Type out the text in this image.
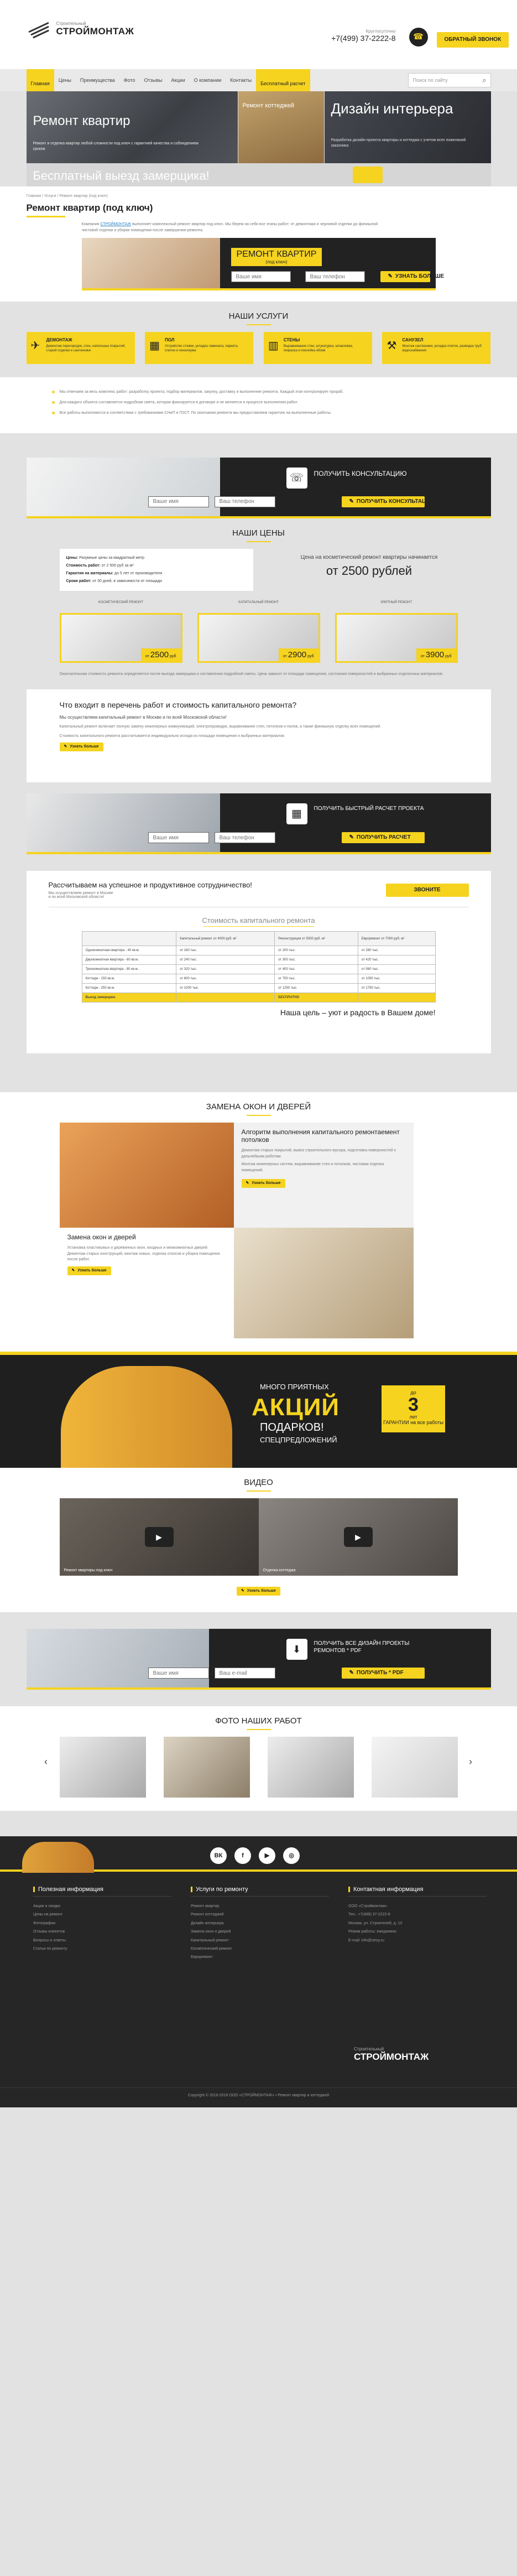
Строительный
СТРОЙМОНТАЖ	Круглосуточно
+7(499) 37-2222-8	☎	ОБРАТНЫЙ ЗВОНОК
Главная
Цены	Преимущества	Фото	Отзывы	Акции	О компании	Контакты
Бесплатный расчет
Поиск по сайту ⌕
Ремонт квартир

Ремонт и отделка квартир любой сложности под ключ с гарантией качества и соблюдением сроков

Ремонт коттеджей	Дизайн интерьера

Разработка дизайн-проекта квартиры и коттеджа с учетом всех пожеланий заказчика

Бесплатный выезд замерщика!
Главная / Услуги / Ремонт квартир (под ключ)
Ремонт квартир (под ключ)
Компания СТРОЙМОНТАЖ выполняет комплексный ремонт квартир под ключ. Мы берем на себя все этапы работ: от демонтажа и черновой отделки до финишной чистовой отделки и уборки помещения после завершения ремонта.
РЕМОНТ КВАРТИР
(под ключ)
Ваше имя
Ваш телефон
✎ УЗНАТЬ БОЛЬШЕ
НАШИ УСЛУГИ
✈ ДЕМОНТАЖ

Демонтаж перегородок, стен, напольных покрытий, старой отделки и сантехники	▦ ПОЛ

Устройство стяжки, укладка ламината, паркета, плитки и линолеума	▥ СТЕНЫ

Выравнивание стен, штукатурка, шпаклевка, покраска и поклейка обоев	⚒ САНУЗЕЛ

Монтаж сантехники, укладка плитки, разводка труб водоснабжения

Мы отвечаем за весь комплекс работ: разработку проекта, подбор материалов, закупку, доставку и выполнение ремонта. Каждый этап контролирует прораб.

Для каждого объекта составляется подробная смета, которая фиксируется в договоре и не меняется в процессе выполнения работ.

Все работы выполняются в соответствии с требованиями СНиП и ГОСТ. По окончании ремонта мы предоставляем гарантию на выполненные работы.

☏	ПОЛУЧИТЬ КОНСУЛЬТАЦИЮ
Ваше имя
Ваш телефон
✎ ПОЛУЧИТЬ КОНСУЛЬТАЦИЮ
НАШИ ЦЕНЫ
Цены: Разумные цены за квадратный метр
Стоимость работ: от 2 500 руб за м²
Гарантия на материалы: до 5 лет от производителя
Сроки работ: от 30 дней, в зависимости от площади

Цена на косметический ремонт квартиры начинается

от 2500 рублей
КОСМЕТИЧЕСКИЙ РЕМОНТ
от 2500 руб
КАПИТАЛЬНЫЙ РЕМОНТ
от 2900 руб
ЭЛИТНЫЙ РЕМОНТ
от 3900 руб
Окончательная стоимость ремонта определяется после выезда замерщика и составления подробной сметы. Цена зависит от площади помещения, состояния поверхностей и выбранных отделочных материалов.
Что входит в перечень работ и стоимость капитального ремонта?
Мы осуществляем капитальный ремонт в Москве и по всей Московской области!

Капитальный ремонт включает полную замену инженерных коммуникаций, электропроводки, выравнивание стен, потолков и полов, а также финишную отделку всех помещений.

Стоимость капитального ремонта рассчитывается индивидуально исходя из площади помещения и выбранных материалов.

✎ Узнать больше
▦	ПОЛУЧИТЬ БЫСТРЫЙ РАСЧЕТ ПРОЕКТА
Ваше имя
Ваш телефон
✎ ПОЛУЧИТЬ РАСЧЕТ
Рассчитываем на успешное и продуктивное сотрудничество!
Мы осуществляем ремонт в Москве
и по всей Московской области!
ЗВОНИТЕ
Стоимость капитального ремонта
	Капитальный ремонт от 4000 руб. м²	Реконструкция от 5000 руб. м²	Евроремонт от 7000 руб. м²
Однокомнатная квартира - 40 кв.м.	от 160 тыс.	от 200 тыс.	от 280 тыс.
Двухкомнатная квартира - 60 кв.м.	от 240 тыс.	от 300 тыс.	от 420 тыс.
Трехкомнатная квартира - 80 кв.м.	от 320 тыс.	от 400 тыс.	от 560 тыс.
Коттедж - 150 кв.м.	от 600 тыс.	от 750 тыс.	от 1050 тыс.
Коттедж - 250 кв.м.	от 1000 тыс.	от 1250 тыс.	от 1750 тыс.
Выезд замерщика		БЕСПЛАТНО	
Наша цель – уют и радость в Вашем доме!
ЗАМЕНА ОКОН И ДВЕРЕЙ
Алгоритм выполнения капитального ремонтаемент потолков

Демонтаж старых покрытий, вывоз строительного мусора, подготовка поверхностей к дальнейшим работам.

Монтаж инженерных систем, выравнивание стен и потолков, чистовая отделка помещений.

✎ Узнать больше
Замена окон и дверей

Установка пластиковых и деревянных окон, входных и межкомнатных дверей. Демонтаж старых конструкций, монтаж новых, отделка откосов и уборка помещения после работ.

✎ Узнать больше
МНОГО ПРИЯТНЫХ
АКЦИЙ
ПОДАРКОВ!
СПЕЦПРЕДЛОЖЕНИЙ
до
3
лет
ГАРАНТИИ на все работы
ВИДЕО
▶
Ремонт квартиры под ключ
▶
Отделка коттеджа
✎ Узнать больше
⬇
ПОЛУЧИТЬ ВСЕ ДИЗАЙН ПРОЕКТЫ
РЕМОНТОВ * PDF
Ваше имя
Ваш e-mail
✎ ПОЛУЧИТЬ * PDF
ФОТО НАШИХ РАБОТ
‹	›
ВК	f	▶	◎
Полезная информация
Акции и скидки
Цены на ремонт
Фотографии
Отзывы клиентов
Вопросы и ответы
Статьи по ремонту
Услуги по ремонту
Ремонт квартир
Ремонт коттеджей
Дизайн интерьера
Замена окон и дверей
Капитальный ремонт
Косметический ремонт
Евроремонт
Контактная информация
ООО «Строймонтаж»
Тел.: +7(499) 37-2222-8
Москва, ул. Строителей, д. 10
Режим работы: ежедневно
E-mail: info@stroy.ru
Строительный
СТРОЙМОНТАЖ
Copyright © 2016-2018 ООО «СТРОЙМОНТАЖ» • Ремонт квартир и коттеджей
